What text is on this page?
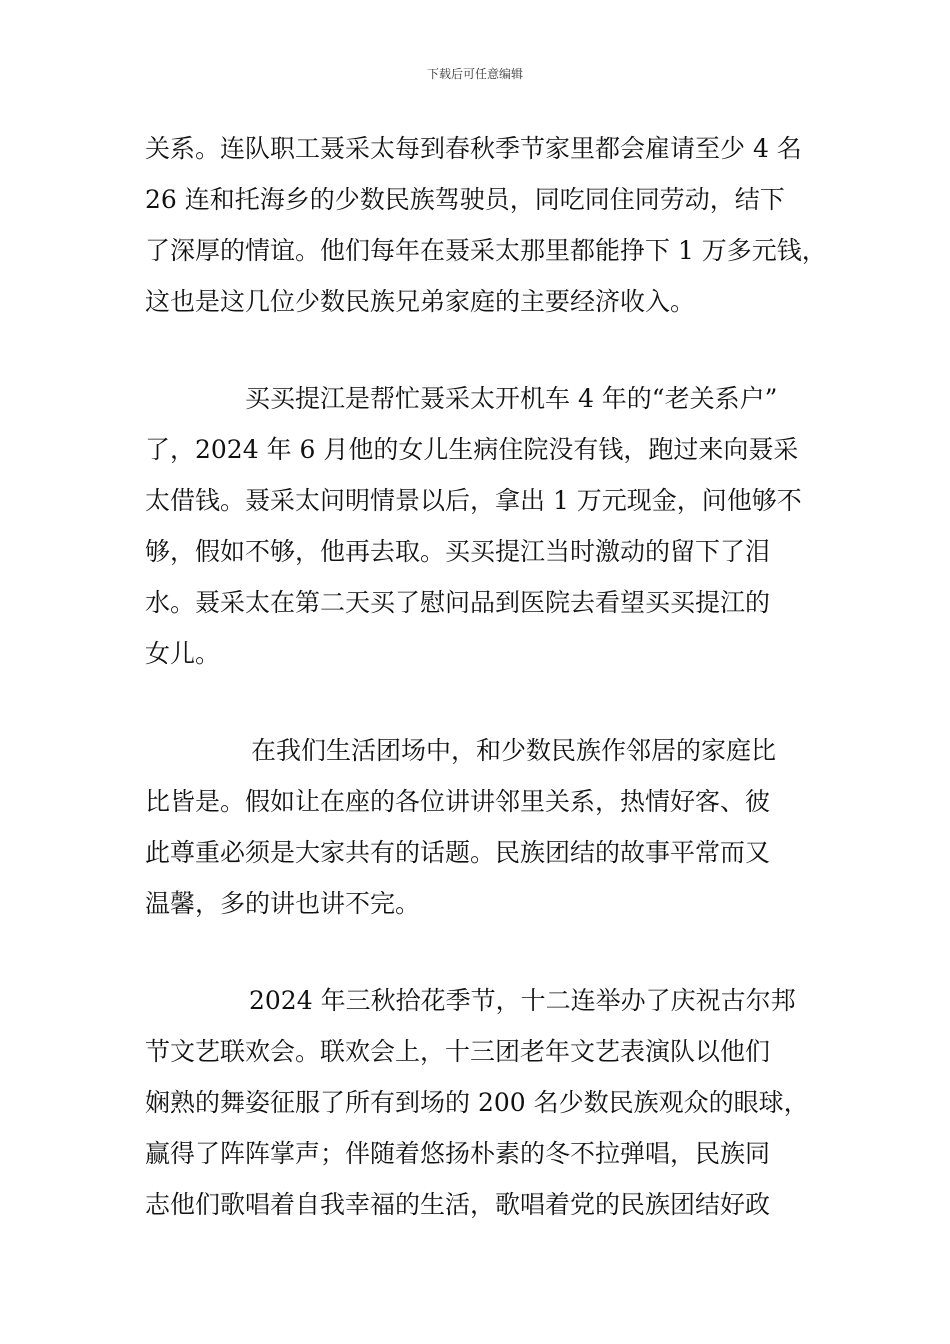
下载后可任意编辑
关系。连队职工聂采太每到春秋季节家里都会雇请至少 4 名
26 连和托海乡的少数民族驾驶员，同吃同住同劳动，结下
了深厚的情谊。他们每年在聂采太那里都能挣下 1 万多元钱，
这也是这几位少数民族兄弟家庭的主要经济收入。
买买提江是帮忙聂采太开机车 4 年的“老关系户”
了，2024 年 6 月他的女儿生病住院没有钱，跑过来向聂采
太借钱。聂采太问明情景以后，拿出 1 万元现金，问他够不
够，假如不够，他再去取。买买提江当时激动的留下了泪
水。聂采太在第二天买了慰问品到医院去看望买买提江的
女儿。
在我们生活团场中，和少数民族作邻居的家庭比
比皆是。假如让在座的各位讲讲邻里关系，热情好客、彼
此尊重必须是大家共有的话题。民族团结的故事平常而又
温馨，多的讲也讲不完。
2024 年三秋拾花季节，十二连举办了庆祝古尔邦
节文艺联欢会。联欢会上，十三团老年文艺表演队以他们
娴熟的舞姿征服了所有到场的 200 名少数民族观众的眼球，
赢得了阵阵掌声；伴随着悠扬朴素的冬不拉弹唱，民族同
志他们歌唱着自我幸福的生活，歌唱着党的民族团结好政
